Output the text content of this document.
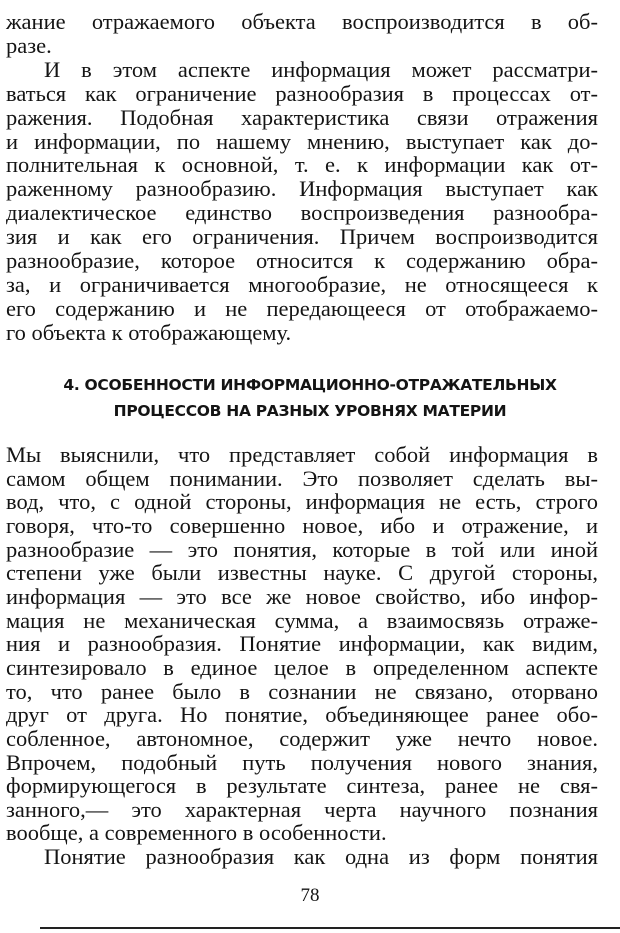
жание отражаемого объекта воспроизводится в об-
разе.
И в этом аспекте информация может рассматри-
ваться как ограничение разнообразия в процессах от-
ражения. Подобная характеристика связи отражения
и информации, по нашему мнению, выступает как до-
полнительная к основной, т. е. к информации как от-
раженному разнообразию. Информация выступает как
диалектическое единство воспроизведения разнообра-
зия и как его ограничения. Причем воспроизводится
разнообразие, которое относится к содержанию обра-
за, и ограничивается многообразие, не относящееся к
его содержанию и не передающееся от отображаемо-
го объекта к отображающему.
4. ОСОБЕННОСТИ ИНФОРМАЦИОННО-ОТРАЖАТЕЛЬНЫХ
ПРОЦЕССОВ НА РАЗНЫХ УРОВНЯХ МАТЕРИИ
Мы выяснили, что представляет собой информация в
самом общем понимании. Это позволяет сделать вы-
вод, что, с одной стороны, информация не есть, строго
говоря, что-то совершенно новое, ибо и отражение, и
разнообразие — это понятия, которые в той или иной
степени уже были известны науке. С другой стороны,
информация — это все же новое свойство, ибо инфор-
мация не механическая сумма, а взаимосвязь отраже-
ния и разнообразия. Понятие информации, как видим,
синтезировало в единое целое в определенном аспекте
то, что ранее было в сознании не связано, оторвано
друг от друга. Но понятие, объединяющее ранее обо-
собленное, автономное, содержит уже нечто новое.
Впрочем, подобный путь получения нового знания,
формирующегося в результате синтеза, ранее не свя-
занного,— это характерная черта научного познания
вообще, а современного в особенности.
Понятие разнообразия как одна из форм понятия
78
